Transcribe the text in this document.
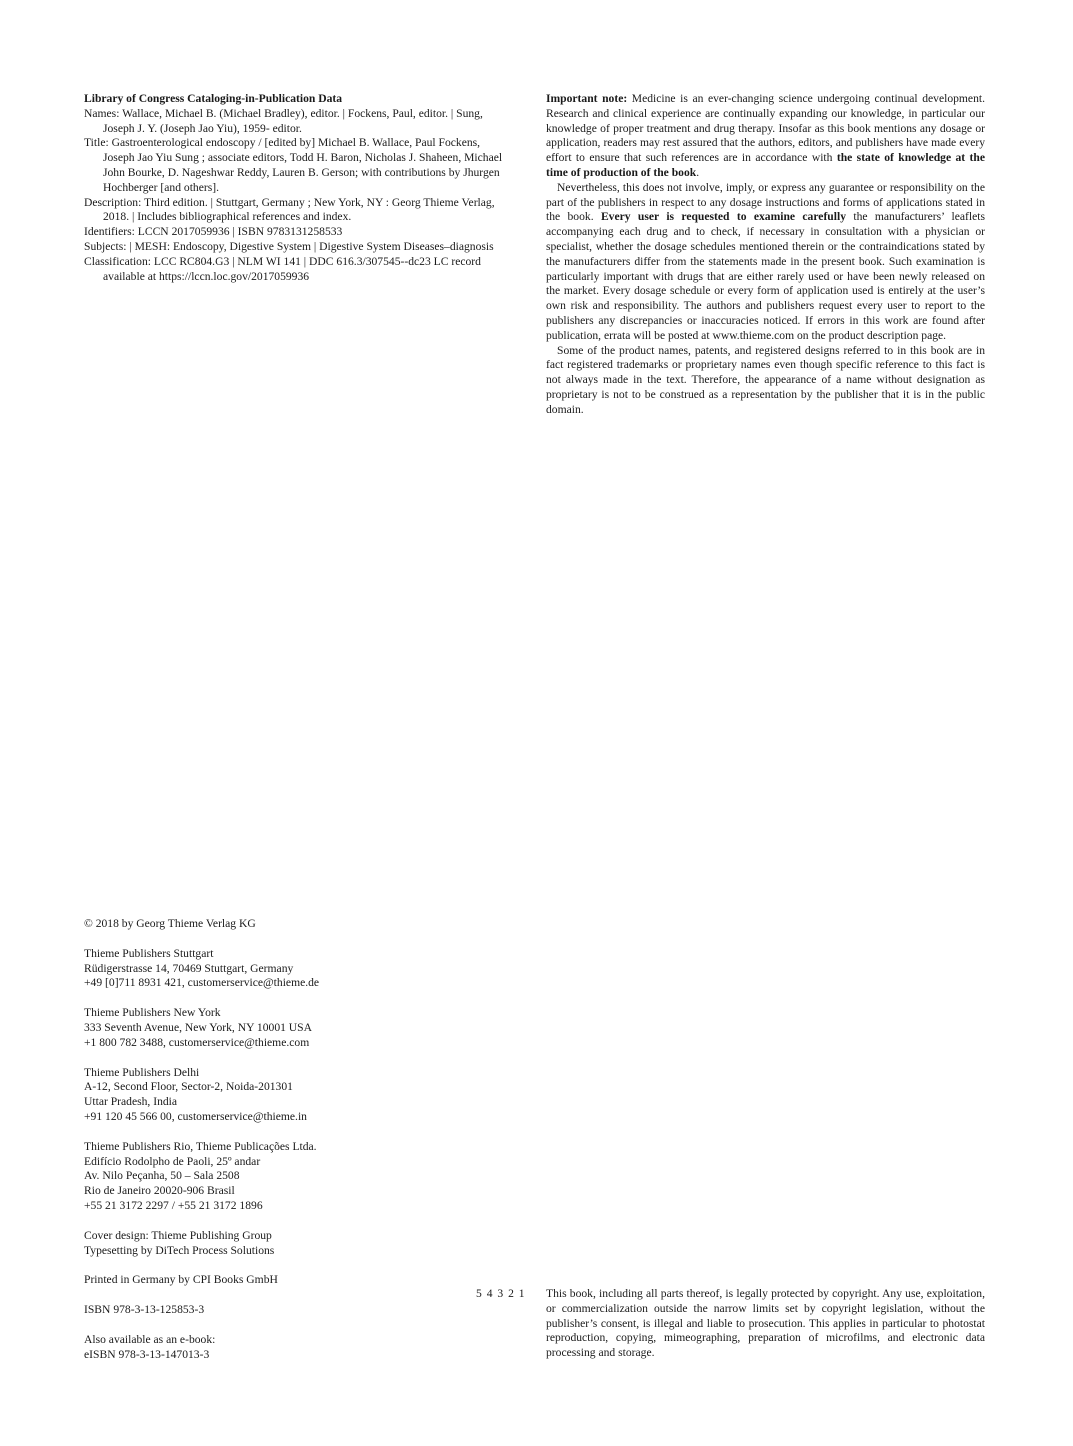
Library of Congress Cataloging-in-Publication Data
Names: Wallace, Michael B. (Michael Bradley), editor. | Fockens, Paul, editor. | Sung, Joseph J. Y. (Joseph Jao Yiu), 1959- editor.
Title: Gastroenterological endoscopy / [edited by] Michael B. Wallace, Paul Fockens, Joseph Jao Yiu Sung ; associate editors, Todd H. Baron, Nicholas J. Shaheen, Michael John Bourke, D. Nageshwar Reddy, Lauren B. Gerson; with contributions by Jhurgen Hochberger [and others].
Description: Third edition. | Stuttgart, Germany ; New York, NY : Georg Thieme Verlag, 2018. | Includes bibliographical references and index.
Identifiers: LCCN 2017059936 | ISBN 9783131258533
Subjects: | MESH: Endoscopy, Digestive System | Digestive System Diseases–diagnosis
Classification: LCC RC804.G3 | NLM WI 141 | DDC 616.3/307545--dc23 LC record available at https://lccn.loc.gov/2017059936

Important note: Medicine is an ever-changing science undergoing continual development. Research and clinical experience are continually expanding our knowledge, in particular our knowledge of proper treatment and drug therapy. Insofar as this book mentions any dosage or application, readers may rest assured that the authors, editors, and publishers have made every effort to ensure that such references are in accordance with the state of knowledge at the time of production of the book.

Nevertheless, this does not involve, imply, or express any guarantee or responsibility on the part of the publishers in respect to any dosage instructions and forms of applications stated in the book. Every user is requested to examine carefully the manufacturers’ leaflets accompanying each drug and to check, if necessary in consultation with a physician or specialist, whether the dosage schedules mentioned therein or the contraindications stated by the manufacturers differ from the statements made in the present book. Such examination is particularly important with drugs that are either rarely used or have been newly released on the market. Every dosage schedule or every form of application used is entirely at the user’s own risk and responsibility. The authors and publishers request every user to report to the publishers any discrepancies or inaccuracies noticed. If errors in this work are found after publication, errata will be posted at www.thieme.com on the product description page.

Some of the product names, patents, and registered designs referred to in this book are in fact registered trademarks or proprietary names even though specific reference to this fact is not always made in the text. Therefore, the appearance of a name without designation as proprietary is not to be construed as a representation by the publisher that it is in the public domain.

© 2018 by Georg Thieme Verlag KG
Thieme Publishers Stuttgart
Rüdigerstrasse 14, 70469 Stuttgart, Germany
+49 [0]711 8931 421, customerservice@thieme.de
Thieme Publishers New York
333 Seventh Avenue, New York, NY 10001 USA
+1 800 782 3488, customerservice@thieme.com
Thieme Publishers Delhi
A-12, Second Floor, Sector-2, Noida-201301
Uttar Pradesh, India
+91 120 45 566 00, customerservice@thieme.in
Thieme Publishers Rio, Thieme Publicações Ltda.
Edifício Rodolpho de Paoli, 25º andar
Av. Nilo Peçanha, 50 – Sala 2508
Rio de Janeiro 20020-906 Brasil
+55 21 3172 2297 / +55 21 3172 1896
Cover design: Thieme Publishing Group
Typesetting by DiTech Process Solutions
Printed in Germany by CPI Books GmbH
ISBN 978-3-13-125853-3
Also available as an e-book:
eISBN 978-3-13-147013-3
5 4 3 2 1 This book, including all parts thereof, is legally protected by copyright. Any use, exploitation, or commercialization outside the narrow limits set by copyright legislation, without the publisher’s consent, is illegal and liable to prosecution. This applies in particular to photostat reproduction, copying, mimeographing, preparation of microfilms, and electronic data processing and storage.
